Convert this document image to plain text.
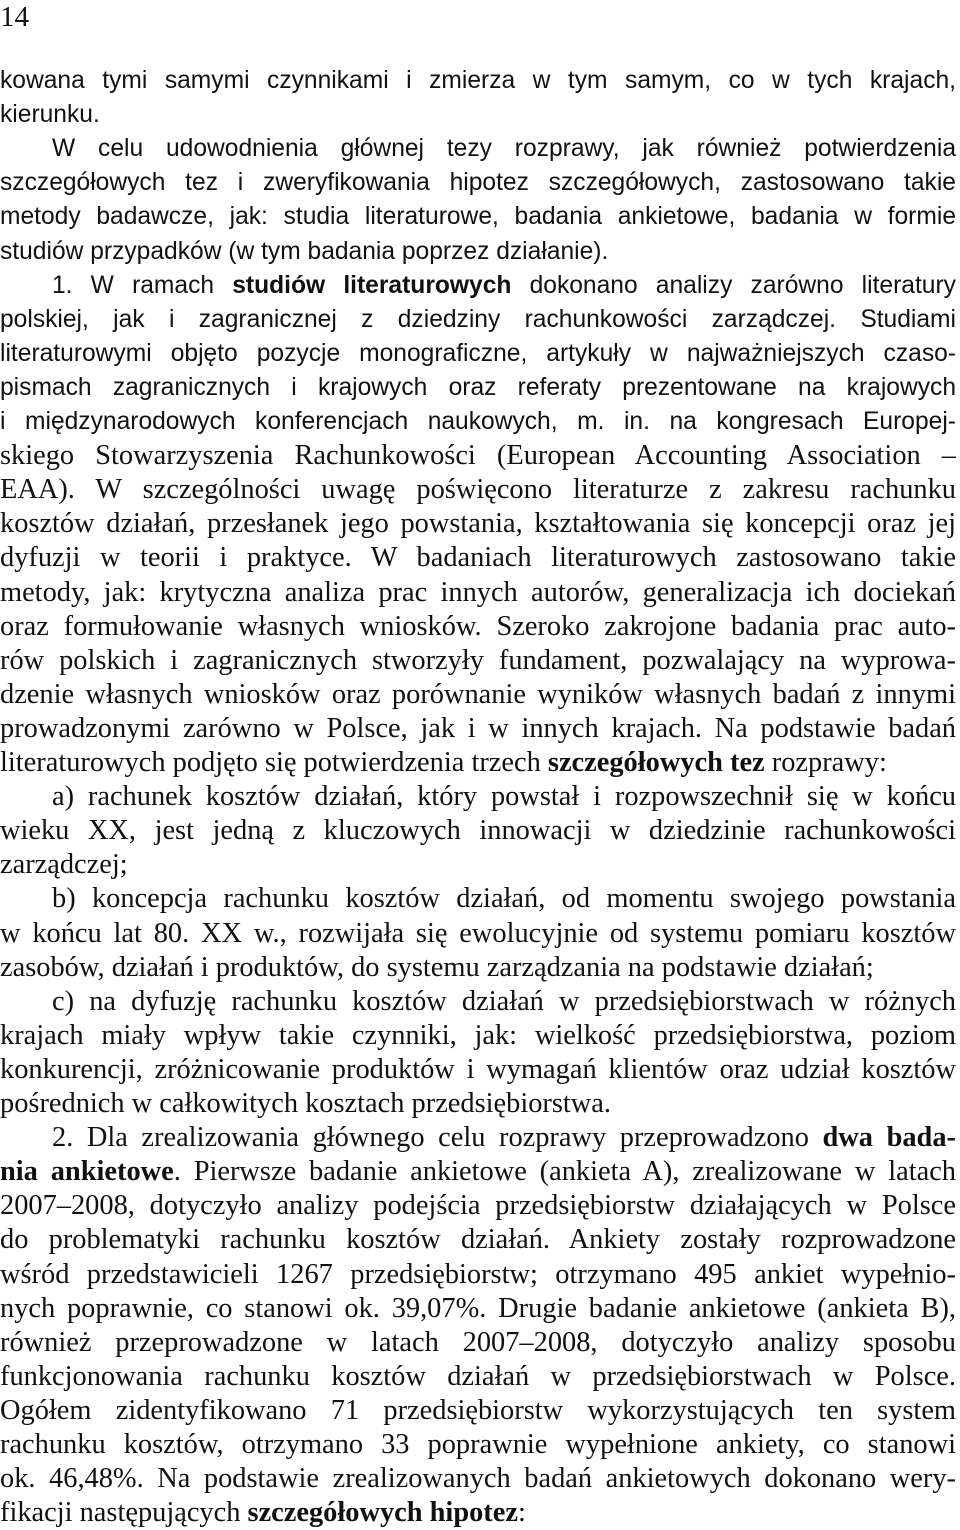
14
kowana tymi samymi czynnikami i zmierza w tym samym, co w tych krajach,
kierunku.
W celu udowodnienia głównej tezy rozprawy, jak również potwierdzenia
szczegółowych tez i zweryfikowania hipotez szczegółowych, zastosowano takie
metody badawcze, jak: studia literaturowe, badania ankietowe, badania w formie
studiów przypadków (w tym badania poprzez działanie).
1. W ramach studiów literaturowych dokonano analizy zarówno literatury
polskiej, jak i zagranicznej z dziedziny rachunkowości zarządczej. Studiami
literaturowymi objęto pozycje monograficzne, artykuły w najważniejszych czaso-
pismach zagranicznych i krajowych oraz referaty prezentowane na krajowych
i międzynarodowych konferencjach naukowych, m. in. na kongresach Europej-
skiego Stowarzyszenia Rachunkowości (European Accounting Association –
EAA). W szczególności uwagę poświęcono literaturze z zakresu rachunku
kosztów działań, przesłanek jego powstania, kształtowania się koncepcji oraz jej
dyfuzji w teorii i praktyce. W badaniach literaturowych zastosowano takie
metody, jak: krytyczna analiza prac innych autorów, generalizacja ich dociekań
oraz formułowanie własnych wniosków. Szeroko zakrojone badania prac auto-
rów polskich i zagranicznych stworzyły fundament, pozwalający na wyprowa-
dzenie własnych wniosków oraz porównanie wyników własnych badań z innymi
prowadzonymi zarówno w Polsce, jak i w innych krajach. Na podstawie badań
literaturowych podjęto się potwierdzenia trzech szczegółowych tez rozprawy:
a) rachunek kosztów działań, który powstał i rozpowszechnił się w końcu
wieku XX, jest jedną z kluczowych innowacji w dziedzinie rachunkowości
zarządczej;
b) koncepcja rachunku kosztów działań, od momentu swojego powstania
w końcu lat 80. XX w., rozwijała się ewolucyjnie od systemu pomiaru kosztów
zasobów, działań i produktów, do systemu zarządzania na podstawie działań;
c) na dyfuzję rachunku kosztów działań w przedsiębiorstwach w różnych
krajach miały wpływ takie czynniki, jak: wielkość przedsiębiorstwa, poziom
konkurencji, zróżnicowanie produktów i wymagań klientów oraz udział kosztów
pośrednich w całkowitych kosztach przedsiębiorstwa.
2. Dla zrealizowania głównego celu rozprawy przeprowadzono dwa bada-
nia ankietowe. Pierwsze badanie ankietowe (ankieta A), zrealizowane w latach
2007–2008, dotyczyło analizy podejścia przedsiębiorstw działających w Polsce
do problematyki rachunku kosztów działań. Ankiety zostały rozprowadzone
wśród przedstawicieli 1267 przedsiębiorstw; otrzymano 495 ankiet wypełnio-
nych poprawnie, co stanowi ok. 39,07%. Drugie badanie ankietowe (ankieta B),
również przeprowadzone w latach 2007–2008, dotyczyło analizy sposobu
funkcjonowania rachunku kosztów działań w przedsiębiorstwach w Polsce.
Ogółem zidentyfikowano 71 przedsiębiorstw wykorzystujących ten system
rachunku kosztów, otrzymano 33 poprawnie wypełnione ankiety, co stanowi
ok. 46,48%. Na podstawie zrealizowanych badań ankietowych dokonano wery-
fikacji następujących szczegółowych hipotez:
